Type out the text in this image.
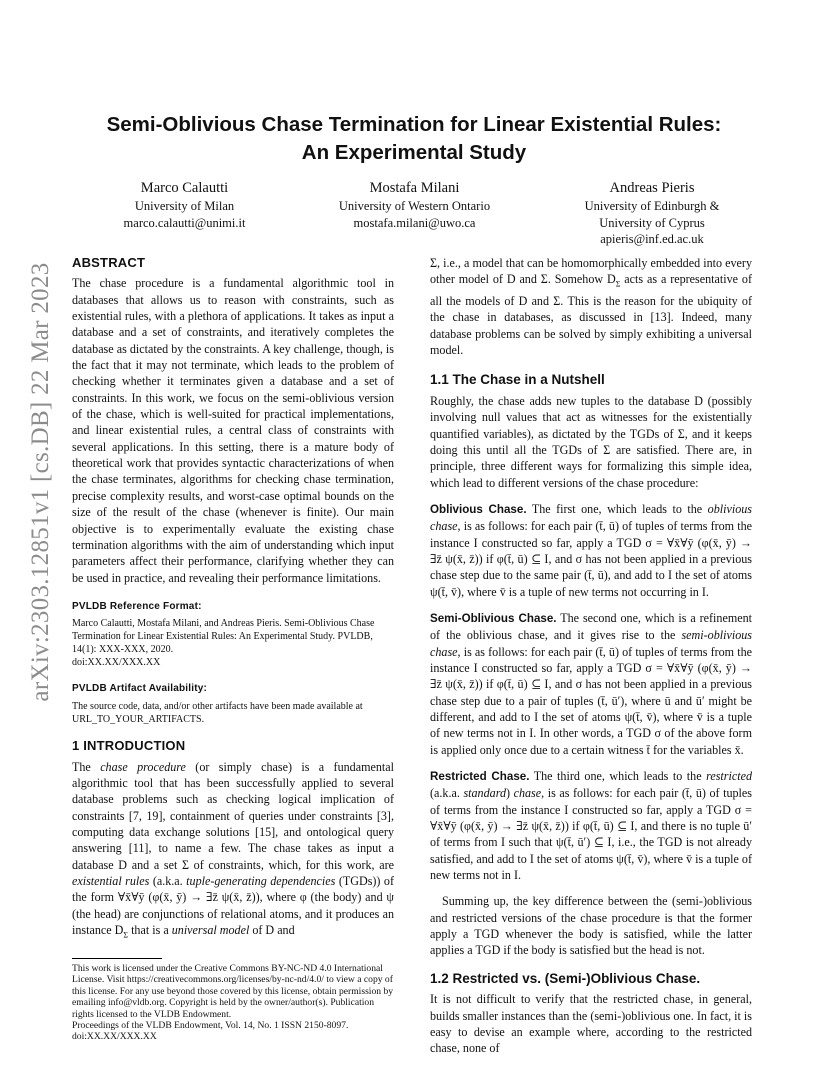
arXiv:2303.12851v1 [cs.DB] 22 Mar 2023
Semi-Oblivious Chase Termination for Linear Existential Rules:
An Experimental Study
Marco Calautti
University of Milan
marco.calautti@unimi.it
Mostafa Milani
University of Western Ontario
mostafa.milani@uwo.ca
Andreas Pieris
University of Edinburgh &
University of Cyprus
apieris@inf.ed.ac.uk
ABSTRACT

The chase procedure is a fundamental algorithmic tool in databases that allows us to reason with constraints, such as existential rules, with a plethora of applications. It takes as input a database and a set of constraints, and iteratively completes the database as dictated by the constraints. A key challenge, though, is the fact that it may not terminate, which leads to the problem of checking whether it terminates given a database and a set of constraints. In this work, we focus on the semi-oblivious version of the chase, which is well-suited for practical implementations, and linear existential rules, a central class of constraints with several applications. In this setting, there is a mature body of theoretical work that provides syntactic characterizations of when the chase terminates, algorithms for checking chase termination, precise complexity results, and worst-case optimal bounds on the size of the result of the chase (whenever is finite). Our main objective is to experimentally evaluate the existing chase termination algorithms with the aim of understanding which input parameters affect their performance, clarifying whether they can be used in practice, and revealing their performance limitations.

PVLDB Reference Format:

Marco Calautti, Mostafa Milani, and Andreas Pieris. Semi-Oblivious Chase Termination for Linear Existential Rules: An Experimental Study. PVLDB, 14(1): XXX-XXX, 2020.

doi:XX.XX/XXX.XX

PVLDB Artifact Availability:

The source code, data, and/or other artifacts have been made available at URL_TO_YOUR_ARTIFACTS.

1 INTRODUCTION

The chase procedure (or simply chase) is a fundamental algorithmic tool that has been successfully applied to several database problems such as checking logical implication of constraints [7, 19], containment of queries under constraints [3], computing data exchange solutions [15], and ontological query answering [11], to name a few. The chase takes as input a database D and a set Σ of constraints, which, for this work, are existential rules (a.k.a. tuple-generating dependencies (TGDs)) of the form ∀x̄∀ȳ (φ(x̄, ȳ) → ∃z̄ ψ(x̄, z̄)), where φ (the body) and ψ (the head) are conjunctions of relational atoms, and it produces an instance $D_\Sigma$ that is a universal model of D and

This work is licensed under the Creative Commons BY-NC-ND 4.0 International License. Visit https://creativecommons.org/licenses/by-nc-nd/4.0/ to view a copy of this license. For any use beyond those covered by this license, obtain permission by emailing info@vldb.org. Copyright is held by the owner/author(s). Publication rights licensed to the VLDB Endowment.

Proceedings of the VLDB Endowment, Vol. 14, No. 1 ISSN 2150-8097.

doi:XX.XX/XXX.XX

Σ, i.e., a model that can be homomorphically embedded into every other model of D and Σ. Somehow $D_\Sigma$ acts as a representative of all the models of D and Σ. This is the reason for the ubiquity of the chase in databases, as discussed in [13]. Indeed, many database problems can be solved by simply exhibiting a universal model.

1.1 The Chase in a Nutshell

Roughly, the chase adds new tuples to the database D (possibly involving null values that act as witnesses for the existentially quantified variables), as dictated by the TGDs of Σ, and it keeps doing this until all the TGDs of Σ are satisfied. There are, in principle, three different ways for formalizing this simple idea, which lead to different versions of the chase procedure:

Oblivious Chase. The first one, which leads to the oblivious chase, is as follows: for each pair (t̄, ū) of tuples of terms from the instance I constructed so far, apply a TGD σ = ∀x̄∀ȳ (φ(x̄, ȳ) → ∃z̄ ψ(x̄, z̄)) if φ(t̄, ū) ⊆ I, and σ has not been applied in a previous chase step due to the same pair (t̄, ū), and add to I the set of atoms ψ(t̄, v̄), where v̄ is a tuple of new terms not occurring in I.

Semi-Oblivious Chase. The second one, which is a refinement of the oblivious chase, and it gives rise to the semi-oblivious chase, is as follows: for each pair (t̄, ū) of tuples of terms from the instance I constructed so far, apply a TGD σ = ∀x̄∀ȳ (φ(x̄, ȳ) → ∃z̄ ψ(x̄, z̄)) if φ(t̄, ū) ⊆ I, and σ has not been applied in a previous chase step due to a pair of tuples (t̄, ū′), where ū and ū′ might be different, and add to I the set of atoms ψ(t̄, v̄), where v̄ is a tuple of new terms not in I. In other words, a TGD σ of the above form is applied only once due to a certain witness t̄ for the variables x̄.

Restricted Chase. The third one, which leads to the restricted (a.k.a. standard) chase, is as follows: for each pair (t̄, ū) of tuples of terms from the instance I constructed so far, apply a TGD σ = ∀x̄∀ȳ (φ(x̄, ȳ) → ∃z̄ ψ(x̄, z̄)) if φ(t̄, ū) ⊆ I, and there is no tuple ū′ of terms from I such that ψ(t̄, ū′) ⊆ I, i.e., the TGD is not already satisfied, and add to I the set of atoms ψ(t̄, v̄), where v̄ is a tuple of new terms not in I.

Summing up, the key difference between the (semi-)oblivious and restricted versions of the chase procedure is that the former apply a TGD whenever the body is satisfied, while the latter applies a TGD if the body is satisfied but the head is not.

1.2 Restricted vs. (Semi-)Oblivious Chase.

It is not difficult to verify that the restricted chase, in general, builds smaller instances than the (semi-)oblivious one. In fact, it is easy to devise an example where, according to the restricted chase, none of
